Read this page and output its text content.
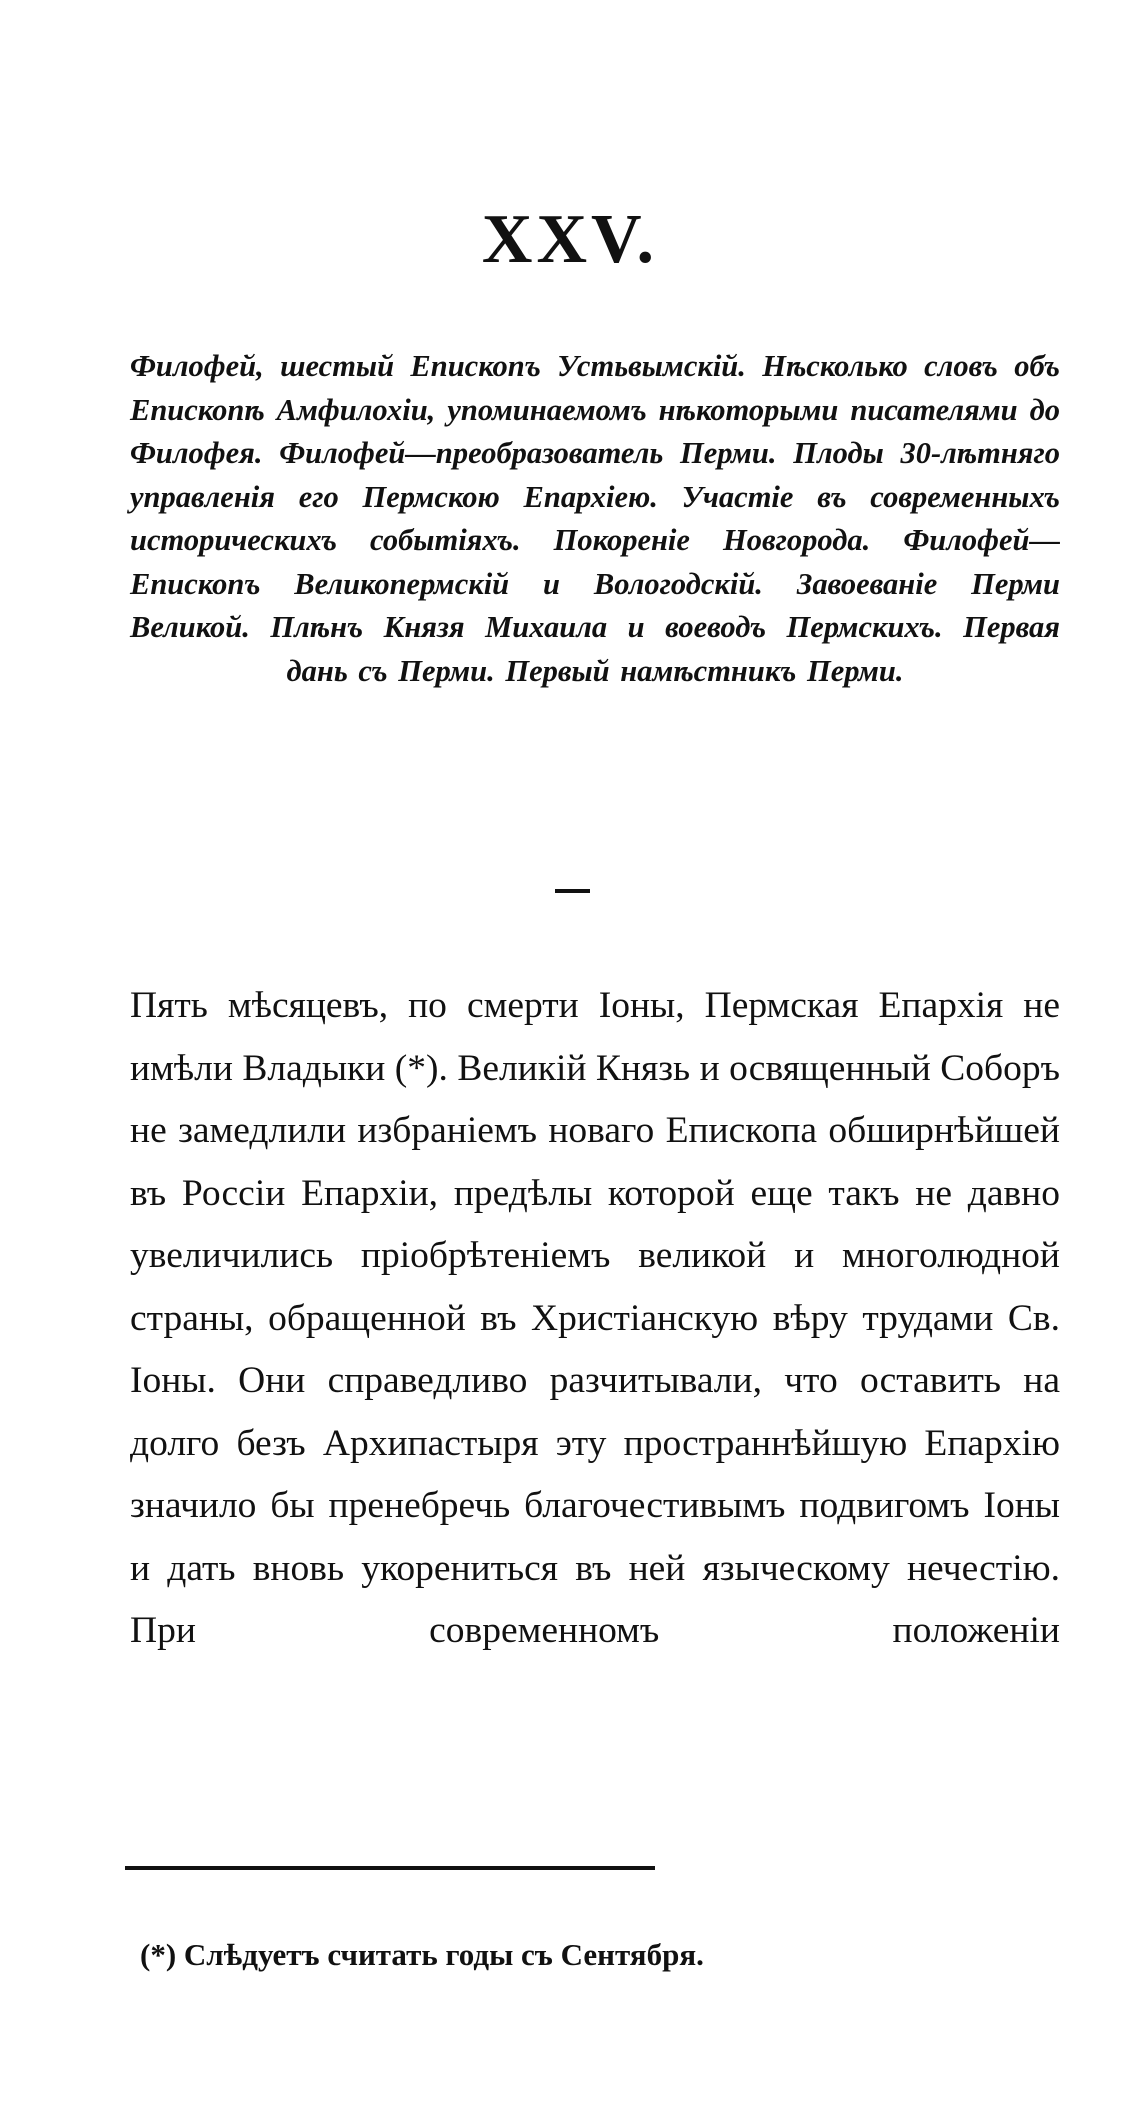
XXV.
Филофей, шестый Епископъ Устьвымскій. Нѣсколько словъ объ Епископѣ Амфилохіи, упоминаемомъ нѣкоторыми писателями до Филофея. Филофей—преобразователь Перми. Плоды 30-лѣтняго управленія его Пермскою Епархіею. Участіе въ современныхъ историческихъ событіяхъ. Покореніе Новгорода. Филофей—Епископъ Великопермскій и Вологодскій. Завоеваніе Перми Великой. Плѣнъ Князя Михаила и воеводъ Пермскихъ. Первая дань съ Перми. Первый намѣстникъ Перми.
Пять мѣсяцевъ, по смерти Іоны, Пермская Епархія не имѣли Владыки (*). Великій Князь и освященный Соборъ не замедлили избраніемъ новаго Епископа обширнѣйшей въ Россіи Епархіи, предѣлы которой еще такъ не давно увеличились пріобрѣтеніемъ великой и многолюдной страны, обращенной въ Христіанскую вѣру трудами Св. Іоны. Они справедливо разчитывали, что оставить на долго безъ Архипастыря эту пространнѣйшую Епархію значило бы пренебречь благочестивымъ подвигомъ Іоны и дать вновь укорениться въ ней языческому нечестію. При современномъ положеніи
(*) Слѣдуетъ считать годы съ Сентября.
